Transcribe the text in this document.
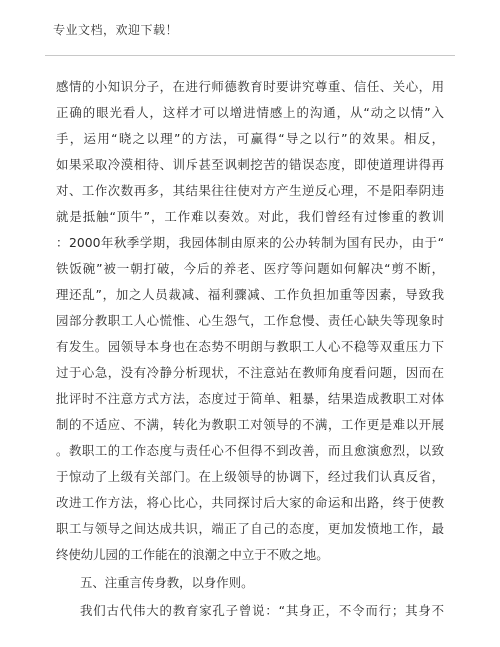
专业文档，欢迎下载！
感情的小知识分子，在进行师德教育时要讲究尊重、信任、关心，用
正确的眼光看人，这样才可以增进情感上的沟通，从“动之以情”入
手，运用“晓之以理”的方法，可赢得“导之以行”的效果。相反，
如果采取冷漠相待、训斥甚至讽刺挖苦的错误态度，即使道理讲得再
对、工作次数再多，其结果往往使对方产生逆反心理，不是阳奉阴违
就是抵触“顶牛”，工作难以奏效。对此，我们曾经有过惨重的教训
：2000年秋季学期，我园体制由原来的公办转制为国有民办，由于“
铁饭碗”被一朝打破，今后的养老、医疗等问题如何解决“剪不断，
理还乱”，加之人员裁减、福利骤减、工作负担加重等因素，导致我
园部分教职工人心慌惟、心生怨气，工作怠慢、责任心缺失等现象时
有发生。园领导本身也在态势不明朗与教职工人心不稳等双重压力下
过于心急，没有冷静分析现状，不注意站在教师角度看问题，因而在
批评时不注意方式方法，态度过于简单、粗暴，结果造成教职工对体
制的不适应、不满，转化为教职工对领导的不满，工作更是难以开展
。教职工的工作态度与责任心不但得不到改善，而且愈演愈烈，以致
于惊动了上级有关部门。在上级领导的协调下，经过我们认真反省，
改进工作方法，将心比心，共同探讨后大家的命运和出路，终于使教
职工与领导之间达成共识，端正了自己的态度，更加发愤地工作，最
终使幼儿园的工作能在的浪潮之中立于不败之地。
五、注重言传身教，以身作则。
我们古代伟大的教育家孔子曾说：“其身正，不令而行；其身不
